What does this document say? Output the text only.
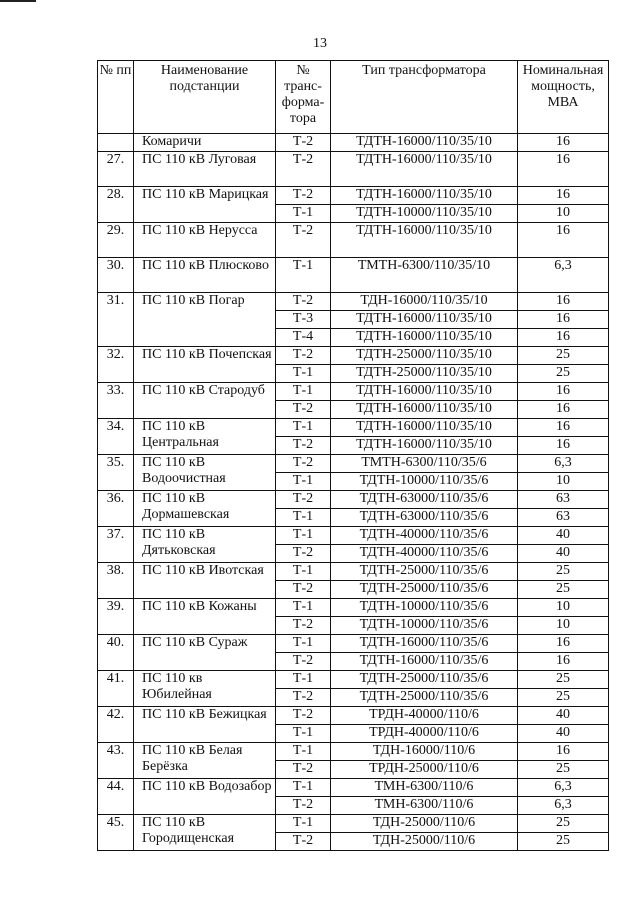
13
№ пп	Наименование подстанции	№ транс-форма-тора	Тип трансформатора	Номинальная мощность, МВА
	Комаричи	Т-2	ТДТН-16000/110/35/10	16
27.	ПС 110 кВ Луговая	Т-2	ТДТН-16000/110/35/10	16
28.	ПС 110 кВ Марицкая	Т-2	ТДТН-16000/110/35/10	16
		Т-1	ТДТН-10000/110/35/10	10
29.	ПС 110 кВ Нерусса	Т-2	ТДТН-16000/110/35/10	16
30.	ПС 110 кВ Плюсково	Т-1	ТМТН-6300/110/35/10	6,3
31.	ПС 110 кВ Погар	Т-2	ТДН-16000/110/35/10	16
		Т-3	ТДТН-16000/110/35/10	16
		Т-4	ТДТН-16000/110/35/10	16
32.	ПС 110 кВ Почепская	Т-2	ТДТН-25000/110/35/10	25
		Т-1	ТДТН-25000/110/35/10	25
33.	ПС 110 кВ Стародуб	Т-1	ТДТН-16000/110/35/10	16
		Т-2	ТДТН-16000/110/35/10	16
34.	ПС 110 кВ Центральная	Т-1	ТДТН-16000/110/35/10	16
		Т-2	ТДТН-16000/110/35/10	16
35.	ПС 110 кВ Водоочистная	Т-2	ТМТН-6300/110/35/6	6,3
		Т-1	ТДТН-10000/110/35/6	10
36.	ПС 110 кВ Дормашевская	Т-2	ТДТН-63000/110/35/6	63
		Т-1	ТДТН-63000/110/35/6	63
37.	ПС 110 кВ Дятьковская	Т-1	ТДТН-40000/110/35/6	40
		Т-2	ТДТН-40000/110/35/6	40
38.	ПС 110 кВ Ивотская	Т-1	ТДТН-25000/110/35/6	25
		Т-2	ТДТН-25000/110/35/6	25
39.	ПС 110 кВ Кожаны	Т-1	ТДТН-10000/110/35/6	10
		Т-2	ТДТН-10000/110/35/6	10
40.	ПС 110 кВ Сураж	Т-1	ТДТН-16000/110/35/6	16
		Т-2	ТДТН-16000/110/35/6	16
41.	ПС 110 кв Юбилейная	Т-1	ТДТН-25000/110/35/6	25
		Т-2	ТДТН-25000/110/35/6	25
42.	ПС 110 кВ Бежицкая	Т-2	ТРДН-40000/110/6	40
		Т-1	ТРДН-40000/110/6	40
43.	ПС 110 кВ Белая Берёзка	Т-1	ТДН-16000/110/6	16
		Т-2	ТРДН-25000/110/6	25
44.	ПС 110 кВ Водозабор	Т-1	ТМН-6300/110/6	6,3
		Т-2	ТМН-6300/110/6	6,3
45.	ПС 110 кВ Городищенская	Т-1	ТДН-25000/110/6	25
		Т-2	ТДН-25000/110/6	25
